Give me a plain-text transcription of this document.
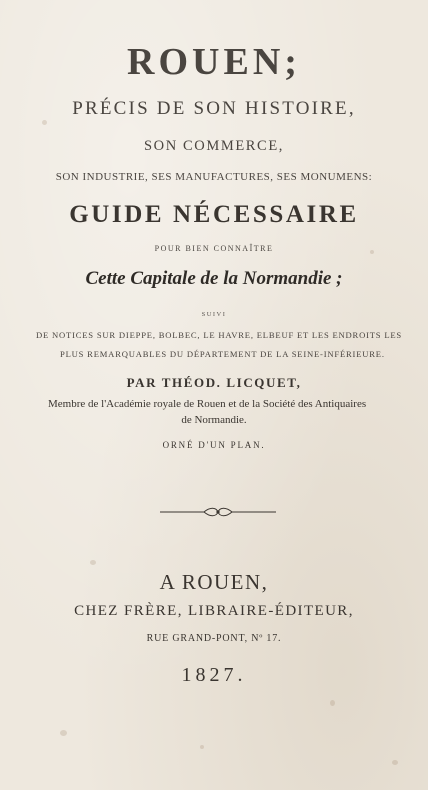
ROUEN;
PRÉCIS DE SON HISTOIRE,
SON COMMERCE,
SON INDUSTRIE, SES MANUFACTURES, SES MONUMENS:
GUIDE NÉCESSAIRE
POUR BIEN CONNAÎTRE
Cette Capitale de la Normandie ;
SUIVI
DE NOTICES SUR DIEPPE, BOLBEC, LE HAVRE, ELBEUF ET LES ENDROITS LES
PLUS REMARQUABLES DU DÉPARTEMENT DE LA SEINE-INFÉRIEURE.
PAR THÉOD. LICQUET,
Membre de l'Académie royale de Rouen et de la Société des Antiquaires
de Normandie.
ORNÉ D'UN PLAN.
A ROUEN,
CHEZ FRÈRE, LIBRAIRE-ÉDITEUR,
RUE GRAND-PONT, Nº 17.
1827.
